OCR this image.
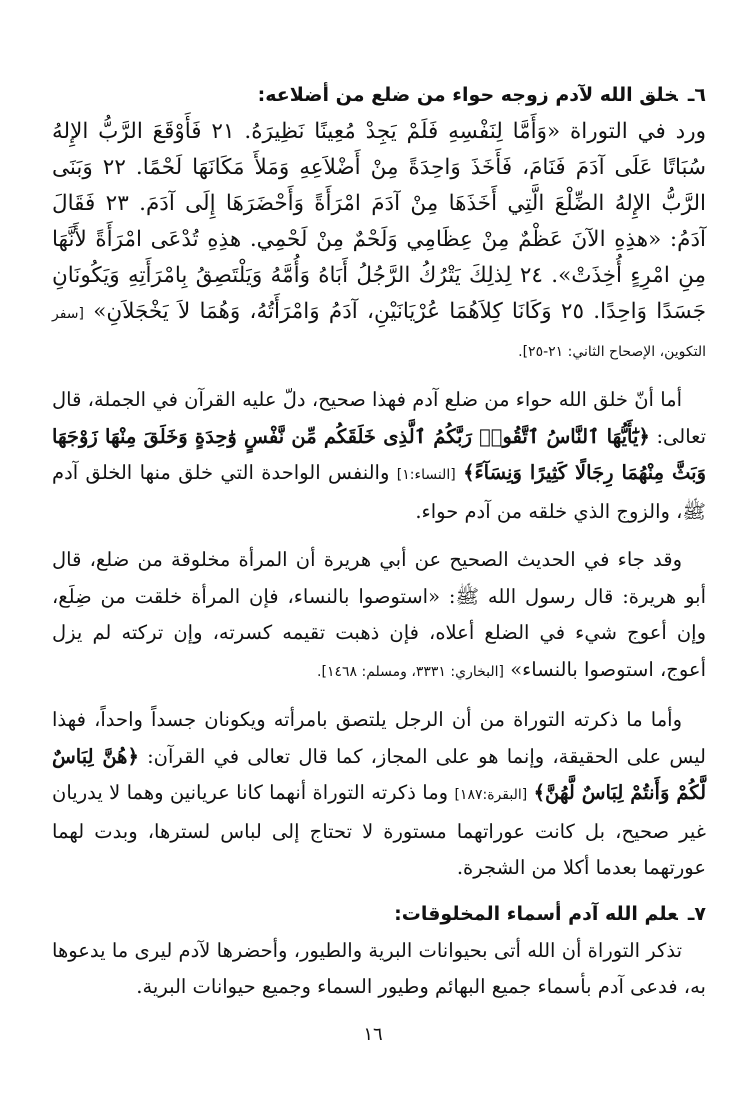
٦ـخلق الله لآدم زوجه حواء من ضلع من أضلاعه:

ورد في التوراة «وَأَمَّا لِنَفْسِهِ فَلَمْ يَجِدْ مُعِينًا نَظِيرَهُ. ٢١ فَأَوْقَعَ الرَّبُّ الإِلهُ سُبَاتًا عَلَى آدَمَ فَنَامَ، فَأَخَذَ وَاحِدَةً مِنْ أَضْلاَعِهِ وَمَلأَ مَكَانَهَا لَحْمًا. ٢٢ وَبَنَى الرَّبُّ الإِلهُ الضِّلْعَ الَّتِي أَخَذَهَا مِنْ آدَمَ امْرَأَةً وَأَحْضَرَهَا إِلَى آدَمَ. ٢٣ فَقَالَ آدَمُ: «هذِهِ الآنَ عَظْمٌ مِنْ عِظَامِي وَلَحْمٌ مِنْ لَحْمِي. هذِهِ تُدْعَى امْرَأَةً لأَنَّهَا مِنِ امْرِءٍ أُخِذَتْ». ٢٤ لِذلِكَ يَتْرُكُ الرَّجُلُ أَبَاهُ وَأُمَّهُ وَيَلْتَصِقُ بِامْرَأَتِهِ وَيَكُونَانِ جَسَدًا وَاحِدًا. ٢٥ وَكَانَا كِلاَهُمَا عُرْيَانَيْنِ، آدَمُ وَامْرَأَتُهُ، وَهُمَا لاَ يَخْجَلاَنِ» [سفر التكوين، الإصحاح الثاني: ٢١-٢٥].

أما أنّ خلق الله حواء من ضلع آدم فهذا صحيح، دلّ عليه القرآن في الجملة، قال تعالى: ﴿يَٰٓأَيُّهَا ٱلنَّاسُ ٱتَّقُوا۟ رَبَّكُمُ ٱلَّذِى خَلَقَكُم مِّن نَّفْسٍ وَٰحِدَةٍ وَخَلَقَ مِنْهَا زَوْجَهَا وَبَثَّ مِنْهُمَا رِجَالًا كَثِيرًا وَنِسَآءً﴾ [النساء:١] والنفس الواحدة التي خلق منها الخلق آدم ﷺ، والزوج الذي خلقه من آدم حواء.

وقد جاء في الحديث الصحيح عن أبي هريرة أن المرأة مخلوقة من ضلع، قال أبو هريرة: قال رسول الله ﷺ: «استوصوا بالنساء، فإن المرأة خلقت من ضِلَع، وإن أعوج شيء في الضلع أعلاه، فإن ذهبت تقيمه كسرته، وإن تركته لم يزل أعوج، استوصوا بالنساء» [البخاري: ٣٣٣١، ومسلم: ١٤٦٨].

وأما ما ذكرته التوراة من أن الرجل يلتصق بامرأته ويكونان جسداً واحداً، فهذا ليس على الحقيقة، وإنما هو على المجاز، كما قال تعالى في القرآن: ﴿هُنَّ لِبَاسٌ لَّكُمْ وَأَنتُمْ لِبَاسٌ لَّهُنَّ﴾ [البقرة:١٨٧] وما ذكرته التوراة أنهما كانا عريانين وهما لا يدريان غير صحيح، بل كانت عوراتهما مستورة لا تحتاج إلى لباس لسترها، وبدت لهما عورتهما بعدما أكلا من الشجرة.

٧ـعلم الله آدم أسماء المخلوقات:

تذكر التوراة أن الله أتى بحيوانات البرية والطيور، وأحضرها لآدم ليرى ما يدعوها به، فدعى آدم بأسماء جميع البهائم وطيور السماء وجميع حيوانات البرية.

١٦
